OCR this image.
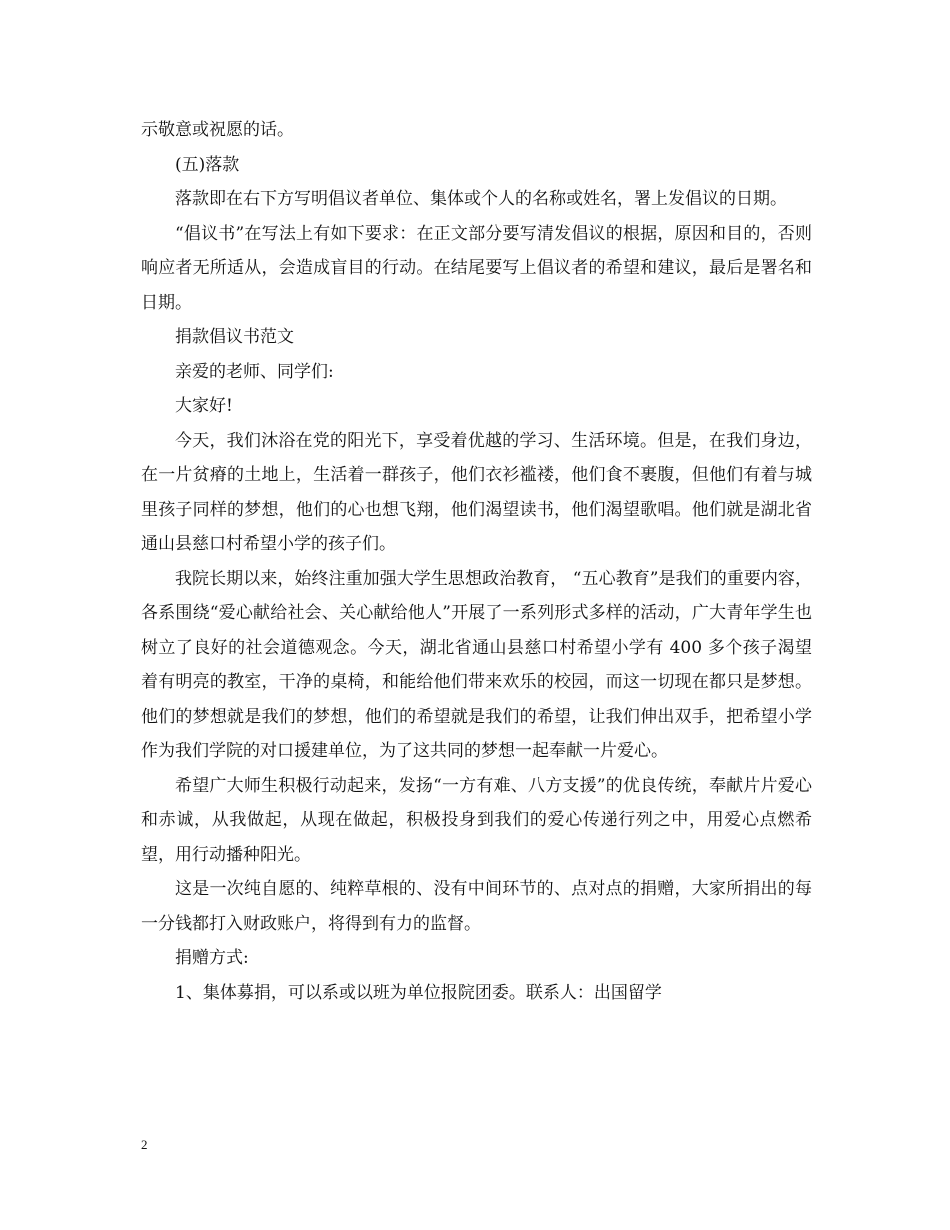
示敬意或祝愿的话。

(五)落款

落款即在右下方写明倡议者单位、集体或个人的名称或姓名，署上发倡议的日期。

“倡议书”在写法上有如下要求：在正文部分要写清发倡议的根据，原因和目的，否则响应者无所适从，会造成盲目的行动。在结尾要写上倡议者的希望和建议，最后是署名和日期。

捐款倡议书范文

亲爱的老师、同学们:

大家好!

今天，我们沐浴在党的阳光下，享受着优越的学习、生活环境。但是，在我们身边，在一片贫瘠的土地上，生活着一群孩子，他们衣衫褴褛，他们食不裹腹，但他们有着与城里孩子同样的梦想，他们的心也想飞翔，他们渴望读书，他们渴望歌唱。他们就是湖北省通山县慈口村希望小学的孩子们。

我院长期以来，始终注重加强大学生思想政治教育， “五心教育”是我们的重要内容，各系围绕“爱心献给社会、关心献给他人”开展了一系列形式多样的活动，广大青年学生也树立了良好的社会道德观念。今天，湖北省通山县慈口村希望小学有 400 多个孩子渴望着有明亮的教室，干净的桌椅，和能给他们带来欢乐的校园，而这一切现在都只是梦想。他们的梦想就是我们的梦想，他们的希望就是我们的希望，让我们伸出双手，把希望小学作为我们学院的对口援建单位，为了这共同的梦想一起奉献一片爱心。

希望广大师生积极行动起来，发扬“一方有难、八方支援”的优良传统，奉献片片爱心和赤诚，从我做起，从现在做起，积极投身到我们的爱心传递行列之中，用爱心点燃希望，用行动播种阳光。

这是一次纯自愿的、纯粹草根的、没有中间环节的、点对点的捐赠，大家所捐出的每一分钱都打入财政账户，将得到有力的监督。

捐赠方式:

1、集体募捐，可以系或以班为单位报院团委。联系人：出国留学

2
